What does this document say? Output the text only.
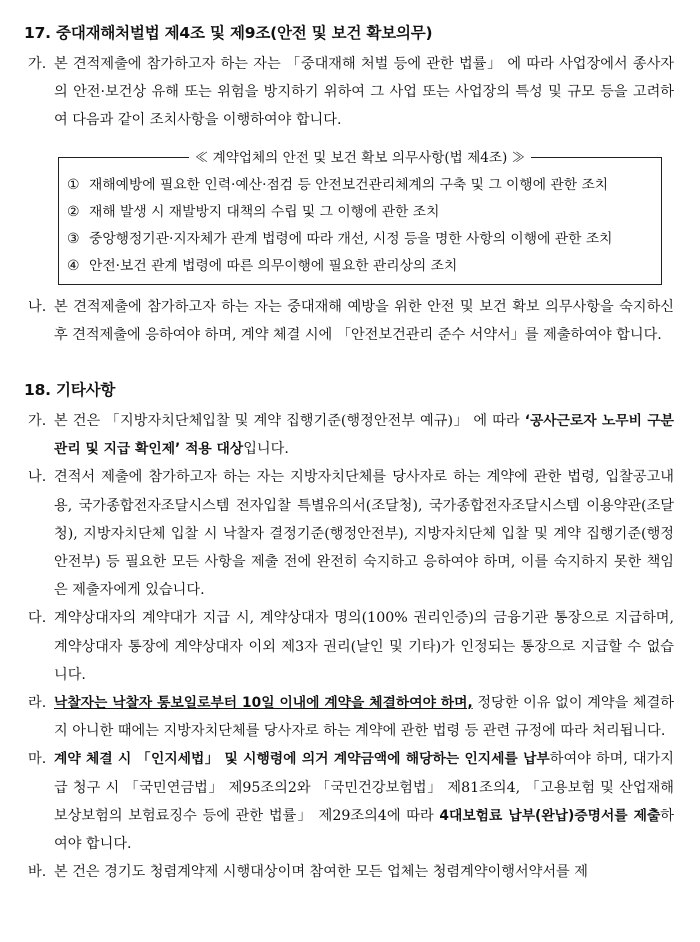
17. 중대재해처벌법 제4조 및 제9조(안전 및 보건 확보의무)

가. 본 견적제출에 참가하고자 하는 자는 「중대재해 처벌 등에 관한 법률」 에 따라 사업장에서 종사자의 안전·보건상 유해 또는 위험을 방지하기 위하여 그 사업 또는 사업장의 특성 및 규모 등을 고려하여 다음과 같이 조치사항을 이행하여야 합니다.

≪ 계약업체의 안전 및 보건 확보 의무사항(법 제4조) ≫
① 재해예방에 필요한 인력·예산·점검 등 안전보건관리체계의 구축 및 그 이행에 관한 조치
② 재해 발생 시 재발방지 대책의 수립 및 그 이행에 관한 조치
③ 중앙행정기관·지자체가 관계 법령에 따라 개선, 시정 등을 명한 사항의 이행에 관한 조치
④ 안전·보건 관계 법령에 따른 의무이행에 필요한 관리상의 조치

나. 본 견적제출에 참가하고자 하는 자는 중대재해 예방을 위한 안전 및 보건 확보 의무사항을 숙지하신 후 견적제출에 응하여야 하며, 계약 체결 시에 「안전보건관리 준수 서약서」를 제출하여야 합니다.

18. 기타사항

가. 본 건은 「지방자치단체입찰 및 계약 집행기준(행정안전부 예규)」 에 따라 ‘공사근로자 노무비 구분관리 및 지급 확인제’ 적용 대상입니다.

나. 견적서 제출에 참가하고자 하는 자는 지방자치단체를 당사자로 하는 계약에 관한 법령, 입찰공고내용, 국가종합전자조달시스템 전자입찰 특별유의서(조달청), 국가종합전자조달시스템 이용약관(조달청), 지방자치단체 입찰 시 낙찰자 결정기준(행정안전부), 지방자치단체 입찰 및 계약 집행기준(행정안전부) 등 필요한 모든 사항을 제출 전에 완전히 숙지하고 응하여야 하며, 이를 숙지하지 못한 책임은 제출자에게 있습니다.

다. 계약상대자의 계약대가 지급 시, 계약상대자 명의(100% 권리인증)의 금융기관 통장으로 지급하며, 계약상대자 통장에 계약상대자 이외 제3자 권리(날인 및 기타)가 인정되는 통장으로 지급할 수 없습니다.

라. 낙찰자는 낙찰자 통보일로부터 10일 이내에 계약을 체결하여야 하며, 정당한 이유 없이 계약을 체결하지 아니한 때에는 지방자치단체를 당사자로 하는 계약에 관한 법령 등 관련 규정에 따라 처리됩니다.

마. 계약 체결 시 「인지세법」 및 시행령에 의거 계약금액에 해당하는 인지세를 납부하여야 하며, 대가지급 청구 시 「국민연금법」 제95조의2와 「국민건강보험법」 제81조의4, 「고용보험 및 산업재해보상보험의 보험료징수 등에 관한 법률」 제29조의4에 따라 4대보험료 납부(완납)증명서를 제출하여야 합니다.

바. 본 건은 경기도 청렴계약제 시행대상이며 참여한 모든 업체는 청렴계약이행서약서를 제
